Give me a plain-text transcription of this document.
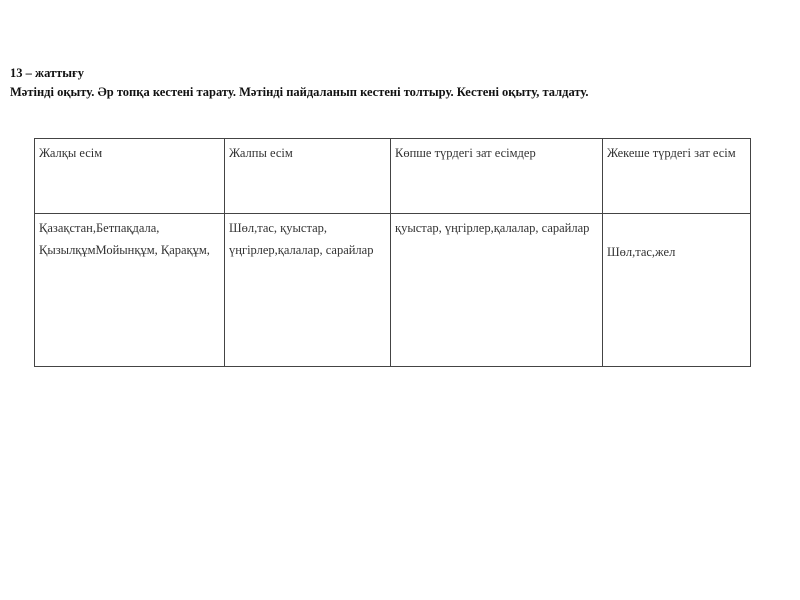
13 – жаттығу
Мәтінді оқыту. Әр топқа кестені тарату. Мәтінді пайдаланып кестені толтыру. Кестені оқыту, талдату.
Жалқы есім	Жалпы есім	Көпше түрдегі зат есімдер	Жекеше түрдегі зат есім
Қазақстан,Бетпақдала, ҚызылқұмМойынқұм, Қарақұм,	Шөл,тас, қуыстар, үңгірлер,қалалар, сарайлар	қуыстар, үңгірлер,қалалар, сарайлар	Шөл,тас,жел
